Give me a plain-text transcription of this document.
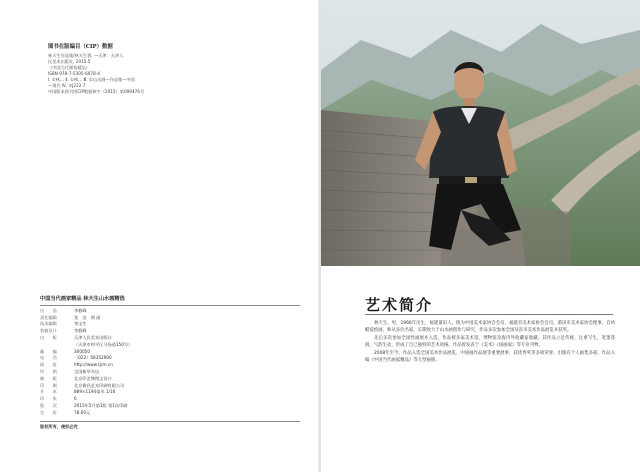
图书在版编目（CIP）数据
林天生作品集/林天生著. —天津：天津人
民美术出版社, 2015.5
（中国当代画家精品）
ISBN 978-7-5305-6978-4
Ⅰ. ①林… Ⅱ. ①林… Ⅲ. ①山水画—作品集—中国
—现代 Ⅳ. ①J222.7
中国版本图书馆CIP数据核字（2015）第099476号
中国当代画家精品 林天生山水画精选
出　　品	李毅峰
责任编辑	张　洁　郭 丽
技术编辑	李宝生
装帧设计	李毅峰
出　　版	天津人民美术出版社
（天津市和平区马场道150号）
邮　　编	300050
电　　话	（022）58352900
网　　址	http://www.tjrm.cn
经　　销	全国新华书店
制　　版	北京印艺博图文设计
印　　刷	北京雅昌艺术印刷有限公司
开　　本	889×1194毫米 1/16
印　　张	6
版　　次	2015年5月第1版 第1次印刷
定　　价	78.00元
版权所有，侵权必究
艺术简介

林天生，男，1966年出生，福建莆田人。现为中国美术家协会会员、福建省美术家协会会员、莆田市美术家协会理事。自幼酷爱绘画，师从多位名家，长期致力于山水画创作与研究，作品多次参加全国及省市美术作品展览并获奖。

先后多次参加全国性画展并入选，作品被多家美术馆、博物馆及海内外收藏家收藏。其作品立足传统，注重写生，笔墨苍润，气韵生动，形成了自己独特的艺术风格。作品曾发表于《美术》《国画家》等专业刊物。

2008年至今，作品入选全国美术作品展览、中国画作品展等重要展事，获优秀奖等多项荣誉。出版有个人画集多部，作品入编《中国当代画家精品》等大型画册。
